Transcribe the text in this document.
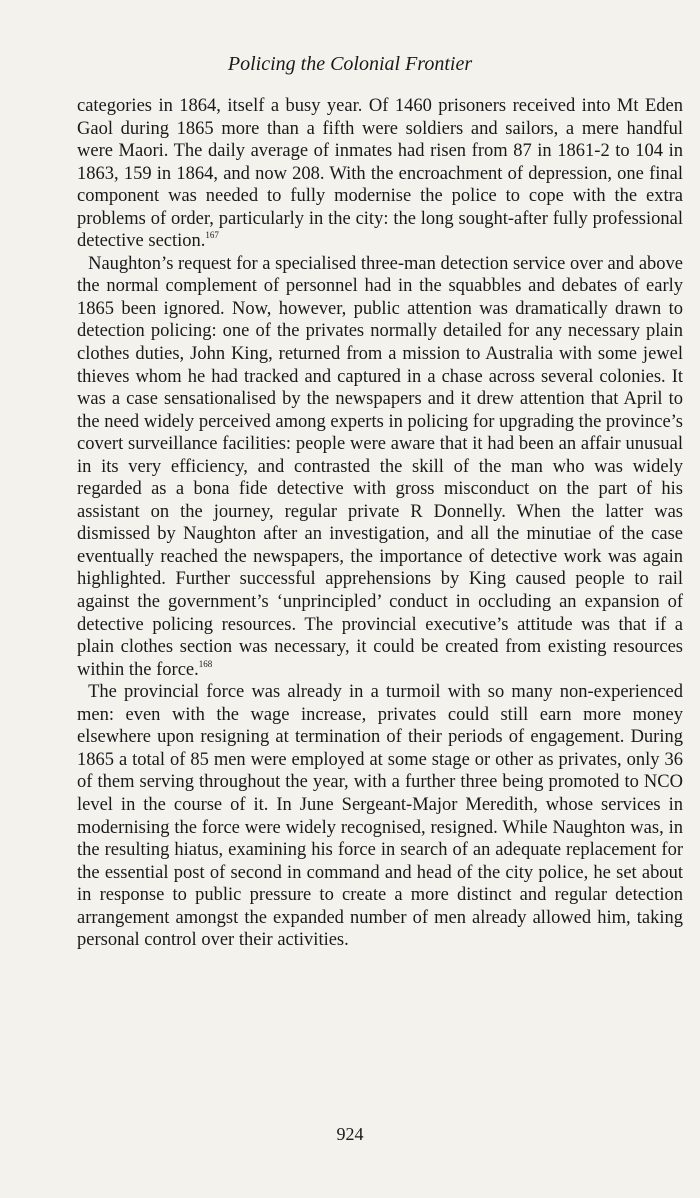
Policing the Colonial Frontier

categories in 1864, itself a busy year. Of 1460 prisoners received into Mt Eden Gaol during 1865 more than a fifth were soldiers and sailors, a mere handful were Maori. The daily average of inmates had risen from 87 in 1861-2 to 104 in 1863, 159 in 1864, and now 208. With the encroachment of depression, one final component was needed to fully modernise the police to cope with the extra problems of order, particularly in the city: the long sought-after fully professional detective section.$^{167}$

Naughton’s request for a specialised three-man detection service over and above the normal complement of personnel had in the squabbles and debates of early 1865 been ignored. Now, however, public attention was dramatically drawn to detection policing: one of the privates normally detailed for any necessary plain clothes duties, John King, returned from a mission to Australia with some jewel thieves whom he had tracked and captured in a chase across several colonies. It was a case sensationalised by the newspapers and it drew attention that April to the need widely perceived among experts in policing for upgrading the province’s covert surveillance facilities: people were aware that it had been an affair unusual in its very efficiency, and contrasted the skill of the man who was widely regarded as a bona fide detective with gross misconduct on the part of his assistant on the journey, regular private R Donnelly. When the latter was dismissed by Naughton after an investigation, and all the minutiae of the case eventually reached the newspapers, the importance of detective work was again highlighted. Further successful apprehensions by King caused people to rail against the government’s ‘unprincipled’ conduct in occluding an expansion of detective policing resources. The provincial executive’s attitude was that if a plain clothes section was necessary, it could be created from existing resources within the force.$^{168}$

The provincial force was already in a turmoil with so many non-experienced men: even with the wage increase, privates could still earn more money elsewhere upon resigning at termination of their periods of engagement. During 1865 a total of 85 men were employed at some stage or other as privates, only 36 of them serving throughout the year, with a further three being promoted to NCO level in the course of it. In June Sergeant-Major Meredith, whose services in modernising the force were widely recognised, resigned. While Naughton was, in the resulting hiatus, examining his force in search of an adequate replacement for the essential post of second in command and head of the city police, he set about in response to public pressure to create a more distinct and regular detection arrangement amongst the expanded number of men already allowed him, taking personal control over their activities.

924
